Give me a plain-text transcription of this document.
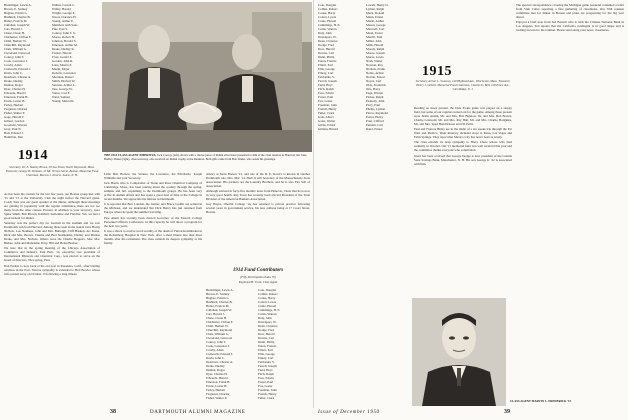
Brentlinger, Lewis A.
Brown, E. Stanley
Bugbee, Edwin L.
Bushnell, Charles B.
Butler, Francis M.
Callahan, Joseph W.
Carr, Harold J.
Chase, Cleon H.
Chichester, Clifton F.
Child, Herbert W.
Churchill, Raymond
Clark, William G.
Cleveland, Linwood
Conroy, John T.
Cook, Lawrence J.
Crosby, Allan
Cudworth, Edward J.
Davis, John C.
Dearborn, Chester A.
Drake, Dudley
Dunbar, Roger
Dyer, Charles H.
Edwards, Harold
Emerson, Frank H.
Evans, Lester H.
Farley, Herbert
Ferguson, Charles
Fisher, Walter P.
Gage, Harold T.
Gilbert, Gordon
Goodwin, Warren
Gray, Paul N.
Hall, Edward J.
Hamilton, Dan
Wilbur, Carroll C.
Willey, Harold
Wright, George E.
Wood, Clarence H.
Young, Arthur E.
Members with Sons
Pike, Earl S.
Conroy, John T. Jr.
Moore, Robert H.
Johnson, Harold S.
Emerson, Arthur M.
Drake, Dudley K.
Fenton, Harold
Frost, Gerald E.
Gordon, John R.
Lane, Morris P.
Marsh, Edgar
Roberts, Lawrence
Sherman, Robert
Smith, Herbert W.
Stevens, Arthur L.
Tate, George W.
Vance, Carl E.
Ward, Samuel
Young, Malcolm
THE 1914 CLASS AGENT EMERITUS, Jack Conroy (left), shows with a choice piece of Indian silverware presented to him at the class reunion in Hanover last June. Dudley Drake (right), class secretary, also received an Indian trophy at the Reunion. Both gifts came from Bob Drake, who sends his greetings.
1914
Secretary, Dr. E. Stanley Brown, 30 Sea Street, North Weymouth, Mass. Treasurer, George H. Stillman, 47 Mt. Vernon Street, Boston. Memorial Fund Chairman, Marcus J. Nourse, Salem, N. H.

As has been the custom for the last few years, our Boston group met with '15 and '13 at the University Club the night before the Harvard game. Coach Tuss was our guest speaker at the dinner. Although these meetings are gaining in popularity with the regular attendance, there are not too many from the other classes. Present, in addition to your secretary, were Spike Smith, Bob Brown, Kimball, Settlemire and Fletcher. Yes, we had a good turnout for dinner.

Saturday was the perfect day for football in the stadium and we saw Dartmouth win from Harvard. Among those seen in the stands were Hardy Nichols, Lou Neuhaus, John and Mrs. Burleigh, Cliff Haskell, Art Peene, Dick and Mrs. Brown, Charlie and Bud Stettheimer, Dudley and Marion Drake, and Mrs. Nichols. Others were the Charlie Hoppers, Mac Mac Bisbee, John and Madeleine Perry, Bill and Helen Beeber.

We note that in the spring meeting of the Chicago Association of Commerce and Industry, Paul Holt, '14, executive vice president of International Minerals and Chemical Corp., was elected to serve on the board of directors. Nice going, Paul.

Dan Enders is now back at his old post in Pasadena, Calif., after visiting relatives in the East. Sincere sympathy is extended to Bob Bowler whose wife passed away on October 13 following a long illness.

Little Bob Barlow, the Strauss, the Lawrence, the Pritchards, Joseph Williams and your Secretary.

Jack Harris who is Comptroller of Stone and Rose Chemical Company of Cambridge, Mass., has been touring about the country through the spring, summer and fall, explaining to the Dartmouth groups. He has been very active in alumni affairs and has spent a great deal of time at the College in recent months. We appreciate his interest in Dartmouth.

It is reported that Bert London, the former, and Bruce Gaddis are settled in the Midwest, and we understand that Dick Henry has just returned from Europe where he spent the summer traveling.

Pete Ahern has recently been elected Governor of the Eastern College Personnel Officers Conference. In this capacity he will direct a program for the next two years.

It was a shock to receive word recently of the death of Fulton Kelsinbraun in the Reisenberg Hospital in New York, after a short illness less than three months after his retirement. The class extends its deepest sympathy to his family.

Amory at Stern Brewer '15, and one of the D. E. Korel's is known in another Dartmouth role, Mrs. Mac '14, Herb is still Secretary of the Massachusetts State Association. His partners are the Laundry Brothers, and he is also Fire Sell of Association.

Although advised in forty-five months' news from Hanover, I hear that he is now in very good health. Ray Trout has recently been elected President of the Trust Division of the American Bankers Association.

Guy Hayes, Oberlin College '14, has returned to private practice following several years in government service, his new address being at 17 Court Street, Boston.

1914 Fund Contributors
(Fifty Participation Index 79)
Raymond H. Trout, Class Agent
Brentlinger, Lewis A.
Brown, E. Stanley
Bugbee, Edwin L.
Bushnell, Charles B.
Butler, Francis M.
Callahan, Joseph W.
Carr, Harold J.
Chase, Cleon H.
Chichester, Clifton F.
Child, Herbert W.
Churchill, Raymond
Clark, William G.
Cleveland, Linwood
Conroy, John T.
Cook, Lawrence J.
Crosby, Allan
Cudworth, Edward J.
Davis, John C.
Dearborn, Chester A.
Drake, Dudley
Dunbar, Roger
Dyer, Charles H.
Edwards, Harold
Emerson, Frank H.
Evans, Lester H.
Farley, Herbert
Ferguson, Charles
Fisher, Walter P.
Cole, Douglas
Collins, Robert
Cooke, Harry
Cotton, Lewis
Crane, Harold
Cummings, H. E.
Curtis, Warren
Daly, John
Davenport, W.
Dean, Clarence
Dodge, Fred
Dow, Harold
Downs, Carl
Dunn, Philip
Eaton, Francis
Elliott, Earl
Ellis, George
Emery, Carl
Fairbanks, S.
Farrell, Joseph
Field, Hoyt
Fitch, Ralph
Foss, Edwin
Foster, Paul
Fox, Lester
Freeman, John
French, Henry
Fuller, Clark
38	DARTMOUTH ALUMNI MAGAZINE
Cole, Douglas
Collins, Robert
Cooke, Harry
Cotton, Lewis
Crane, Harold
Cummings, H. E.
Curtis, Warren
Daly, John
Davenport, W.
Dean, Clarence
Dodge, Fred
Dow, Harold
Downs, Carl
Dunn, Philip
Eaton, Francis
Elliott, Earl
Ellis, George
Emery, Carl
Fairbanks, S.
Farrell, Joseph
Field, Hoyt
Fitch, Ralph
Foss, Edwin
Foster, Paul
Fox, Lester
Freeman, John
French, Henry
Fuller, Clark
Gale, Albert
Gates, Walter
Gibbs, Ernest
Gilman, Harold
Lowell, Henry O.
Lyman, Ralph
Mack, Donald
Mann, Ernest
Marsh, Arthur
Mason, George
Maxwell, Carl
Mead, Foster
Merrill, Paul
Miller, John
Mills, Harold
Moody, Ralph
Moore, Joseph
Morse, Lewis
Nash, Walter
Newton, Roy
Nichols, Frank
Noble, Arthur
Norton, Ernest
Noyes, Carl
Olds, Frederick
Otis, Harry
Page, Warren
Parker, Ralph
Peabody, John
Perry, Paul
Phelps, Lyman
Pierce, Raymond
Porter, Henry
Pratt, Clifford
Putnam, Carl
Rand, Ernest
1915
Secretary, Arthur L. Sweeney, 149 Highland Ave., Winchester, Mass. Treasurer, Henry J. Gilbert. Memorial Fund Chairman, Charles O. Bell, 128 Essex Ave., Glen Ridge, N. J.

Reading us down present, the Dale Evans game was played on a sloppy field, but some of our regulars turned out for the game. Among those present were Justin Austin, Mr. and Mrs. Bob Bigelow, Dr. and Mrs. Bob Brown, Charlie Griswold, Mr. and Mrs. Ray Hall, Mr. and Mrs. Charlie Hodgkins, Mr. and Mrs. Spud Hendrickson and Ott Pettis.

Paul and Frances Bixby are in the midst of a six weeks trip through the Far West and Mexico. Their itinerary included stops at Reno, Las Vegas and Palm Springs. They report that Mexico City has never been as lovely.

The class extends its deep sympathy to Harry Chase whose wife died suddenly in October. Our '15 memorial fund was well received this year and the committee thanks everyone who contributed.

Word has been received that George Dodge is now president of the Granite State Savings Bank, Manchester, N. H. His son George Jr. '42 is associated with him.

The special correspondence covering the Michigan game weekend contained a letter from Stub Cutter reporting a fine gathering of classmates. Our 35th reunion committee met for dinner in Boston and plans are progressing for the big year ahead.

Enjoyed a brief note from Ted Bausch who is with the Citizens National Bank in Los Angeles. Ted reports that the California contingent is in good shape and is looking forward to the reunion. Please send along your news, classmates.

CLASS AGENT MARVIN L. FREDERICK '15
Issue of December 1950	39
